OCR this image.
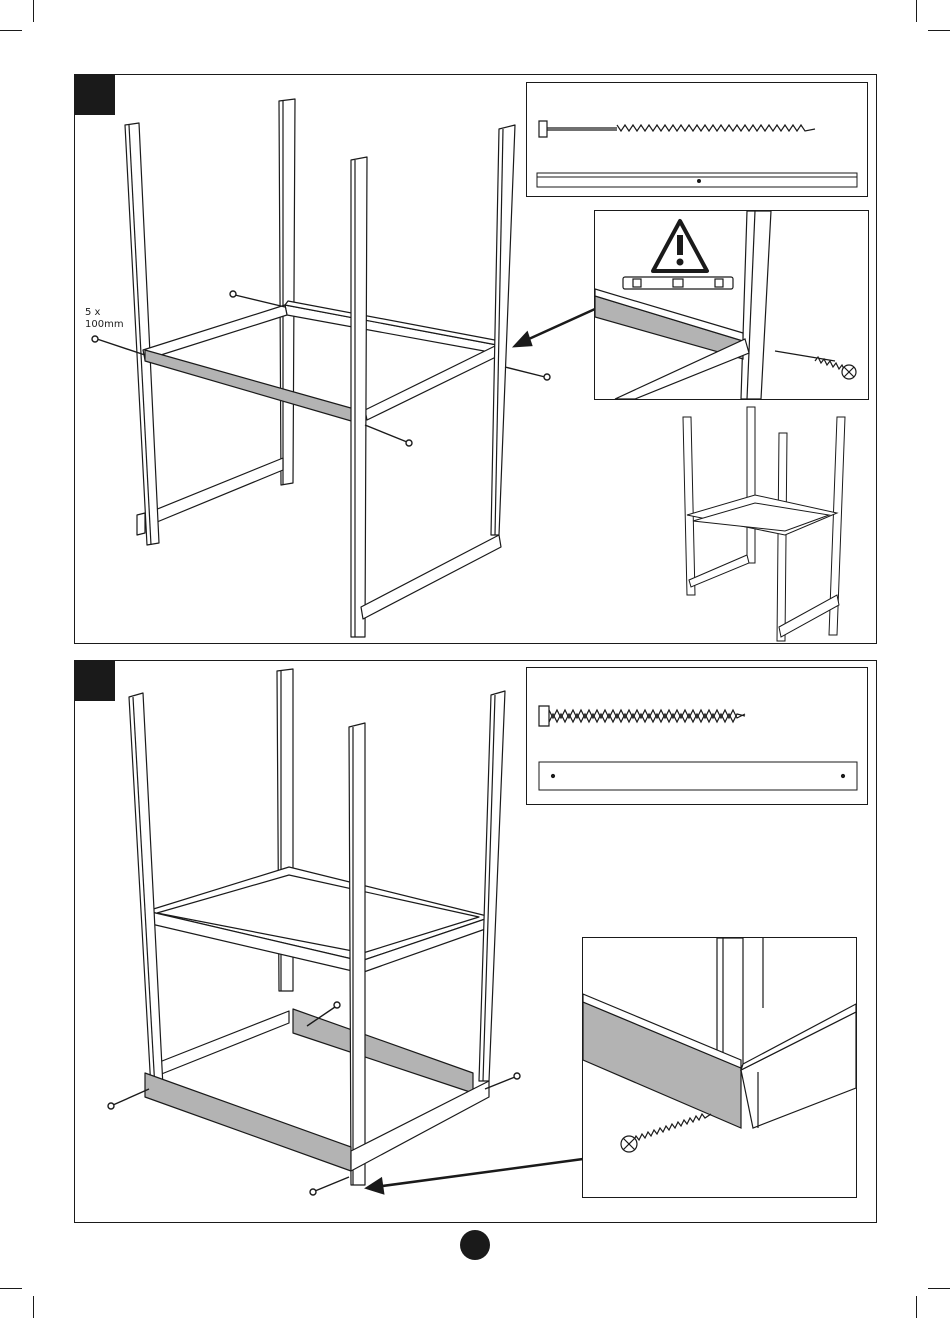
5 x
100mm
